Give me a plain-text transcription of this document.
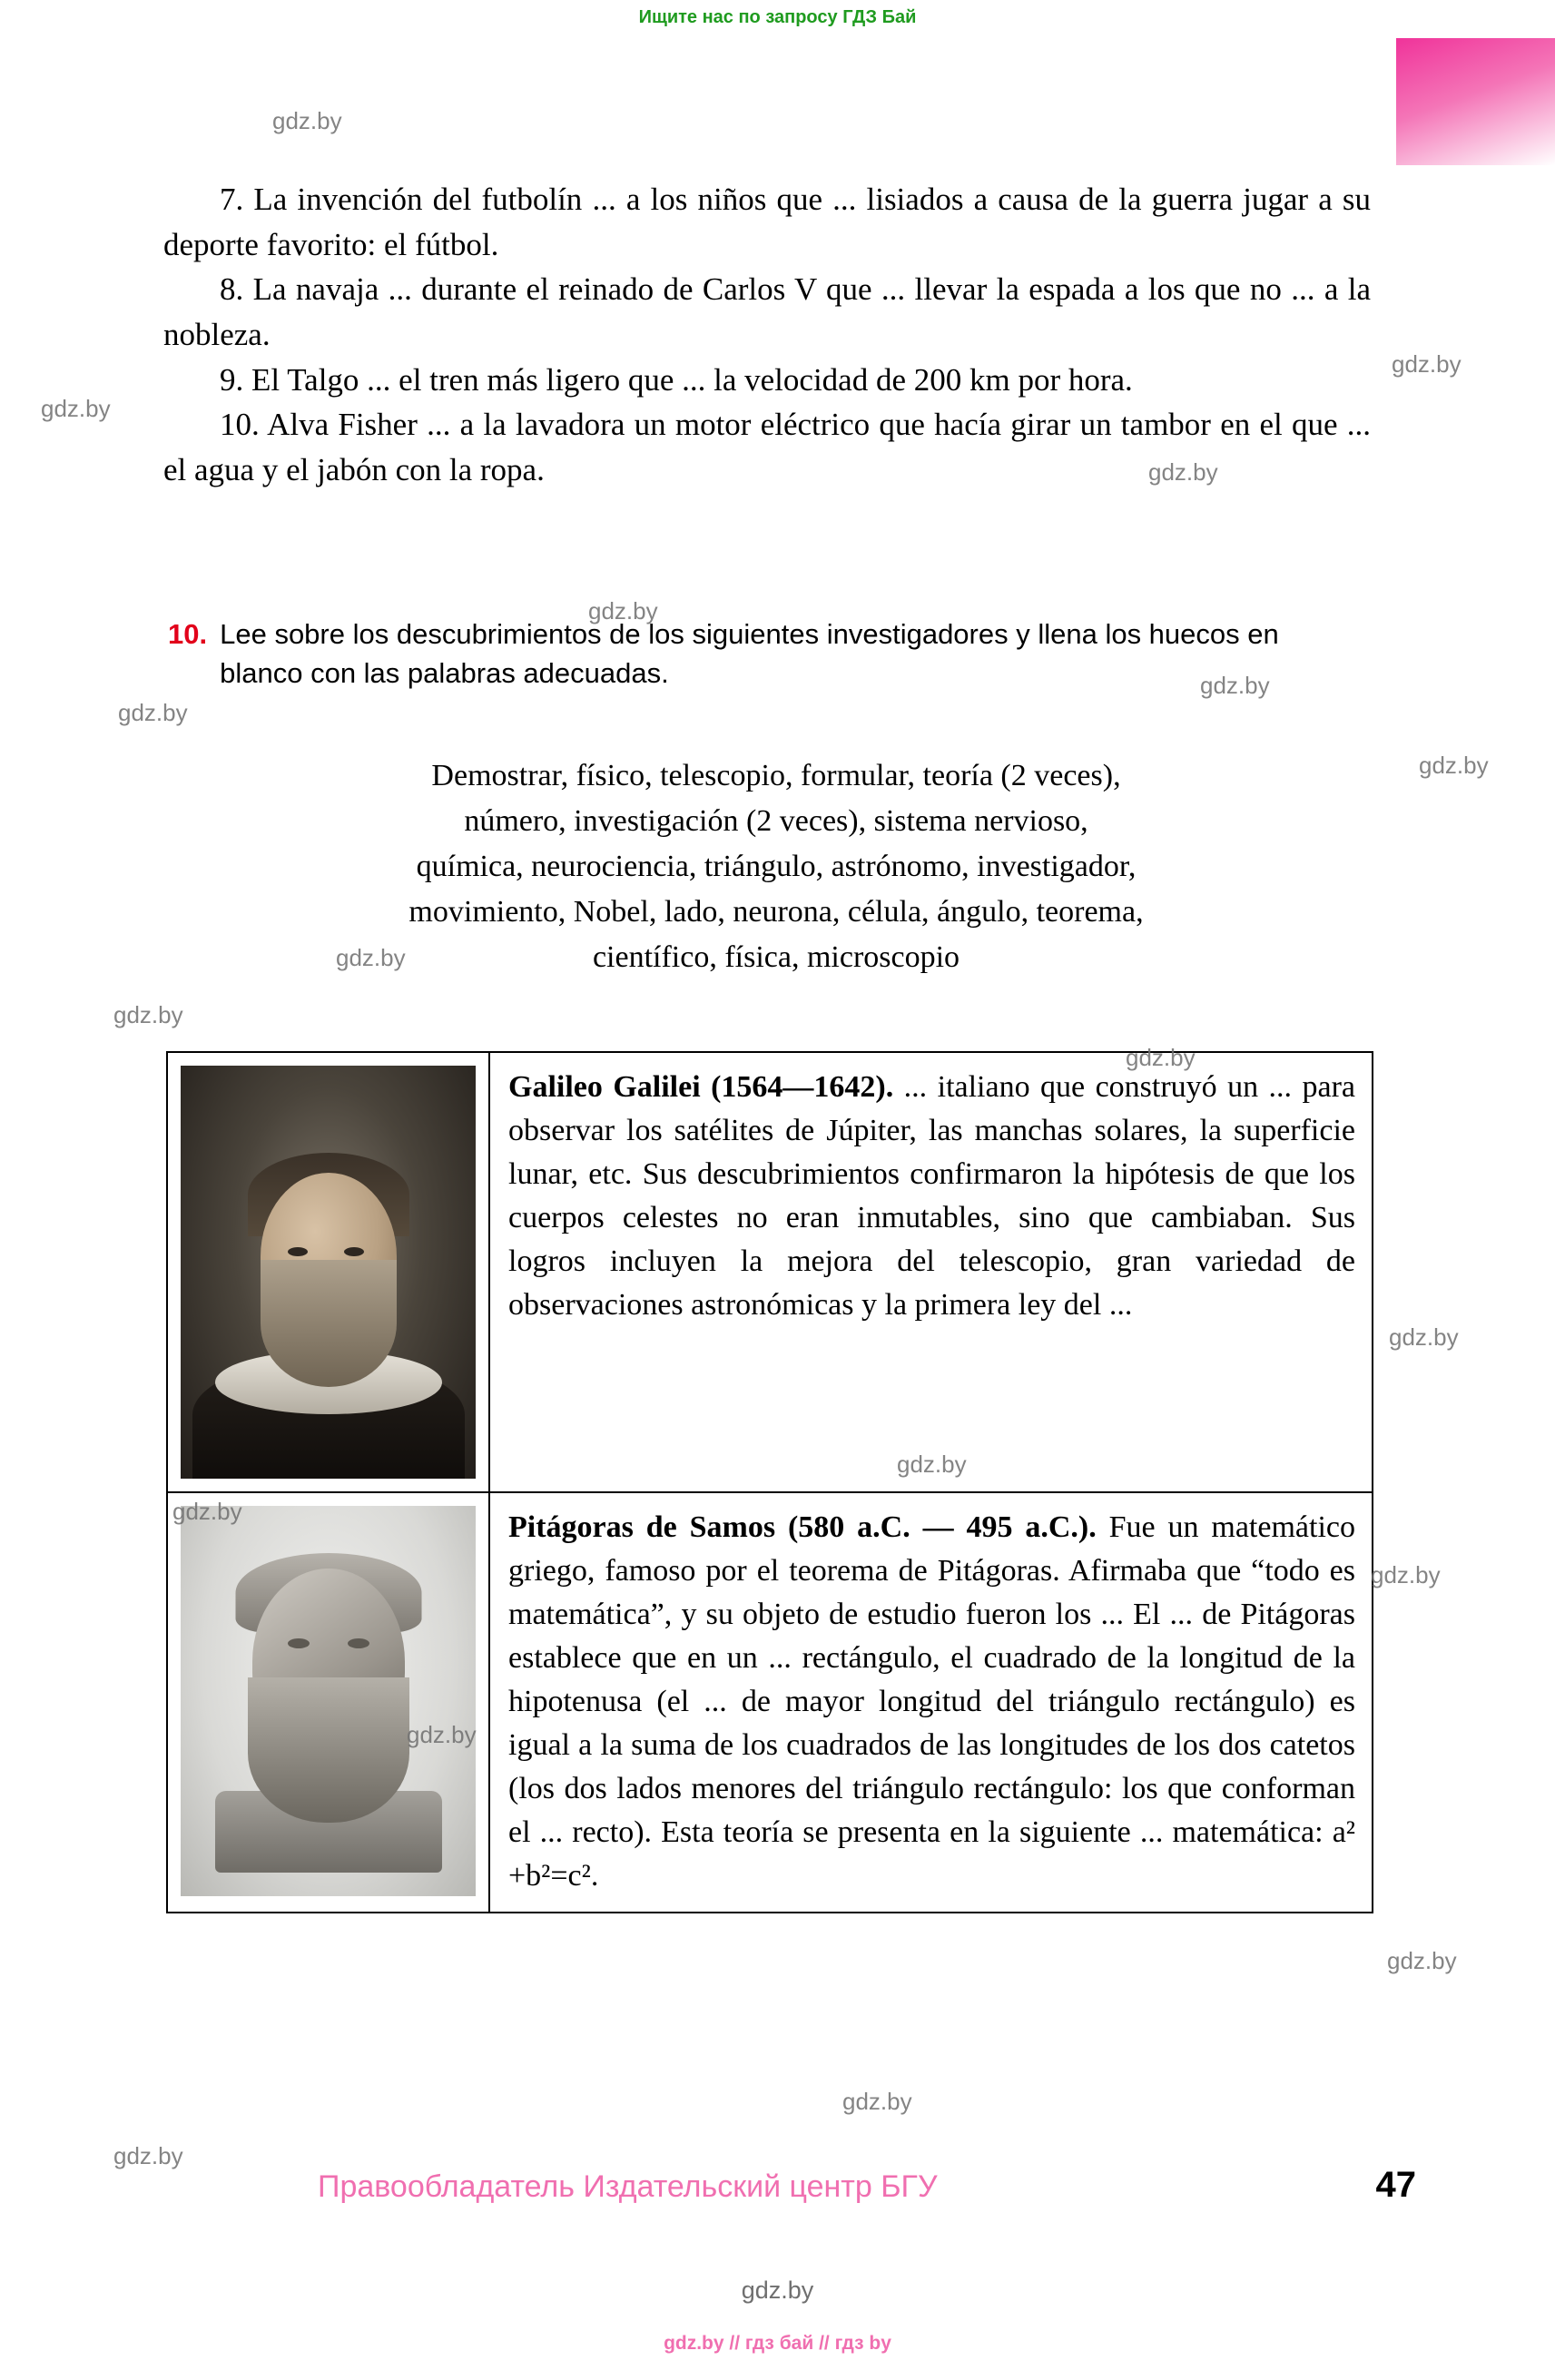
Ищите нас по запросу ГДЗ Бай

7. La invención del futbolín ... a los niños que ... lisiados a causa de la guerra jugar a su deporte favorito: el fútbol.

8. La navaja ... durante el reinado de Carlos V que ... llevar la espada a los que no ... a la nobleza.

9. El Talgo ... el tren más ligero que ... la velocidad de 200 km por hora.

10. Alva Fisher ... a la lavadora un motor eléctrico que hacía girar un tambor en el que ... el agua y el jabón con la ropa.

10. Lee sobre los descubrimientos de los siguientes investigadores y llena los huecos en blanco con las palabras adecuadas.
Demostrar, físico, telescopio, formular, teoría (2 veces),
número, investigación (2 veces), sistema nervioso,
química, neurociencia, triángulo, astrónomo, investigador,
movimiento, Nobel, lado, neurona, célula, ángulo, teorema,
científico, física, microscopio
Galileo Galilei (1564—1642). ... italiano que construyó un ... para observar los satélites de Júpiter, las manchas solares, la superficie lunar, etc. Sus descubrimientos confirmaron la hipótesis de que los cuerpos celestes no eran inmutables, sino que cambiaban. Sus logros incluyen la mejora del telescopio, gran variedad de observaciones astronómicas y la primera ley del ...
Pitágoras de Samos (580 a.C. — 495 a.C.). Fue un matemático griego, famoso por el teorema de Pitágoras. Afirmaba que “todo es matemática”, y su objeto de estudio fueron los ... El ... de Pitágoras establece que en un ... rectángulo, el cuadrado de la longitud de la hipotenusa (el ... de mayor longitud del triángulo rectángulo) es igual a la suma de los cuadrados de las longitudes de los dos catetos (los dos lados menores del triángulo rectángulo: los que conforman el ... recto). Esta teoría se presenta en la siguiente ... matemática: a² +b²=c².
Правообладатель Издательский центр БГУ	47
gdz.by
gdz.by // гдз бай // гдз by
gdz.by
gdz.by
gdz.by
gdz.by
gdz.by
gdz.by
gdz.by
gdz.by
gdz.by
gdz.by
gdz.by
gdz.by
gdz.by
gdz.by
gdz.by
gdz.by
gdz.by
gdz.by
gdz.by
